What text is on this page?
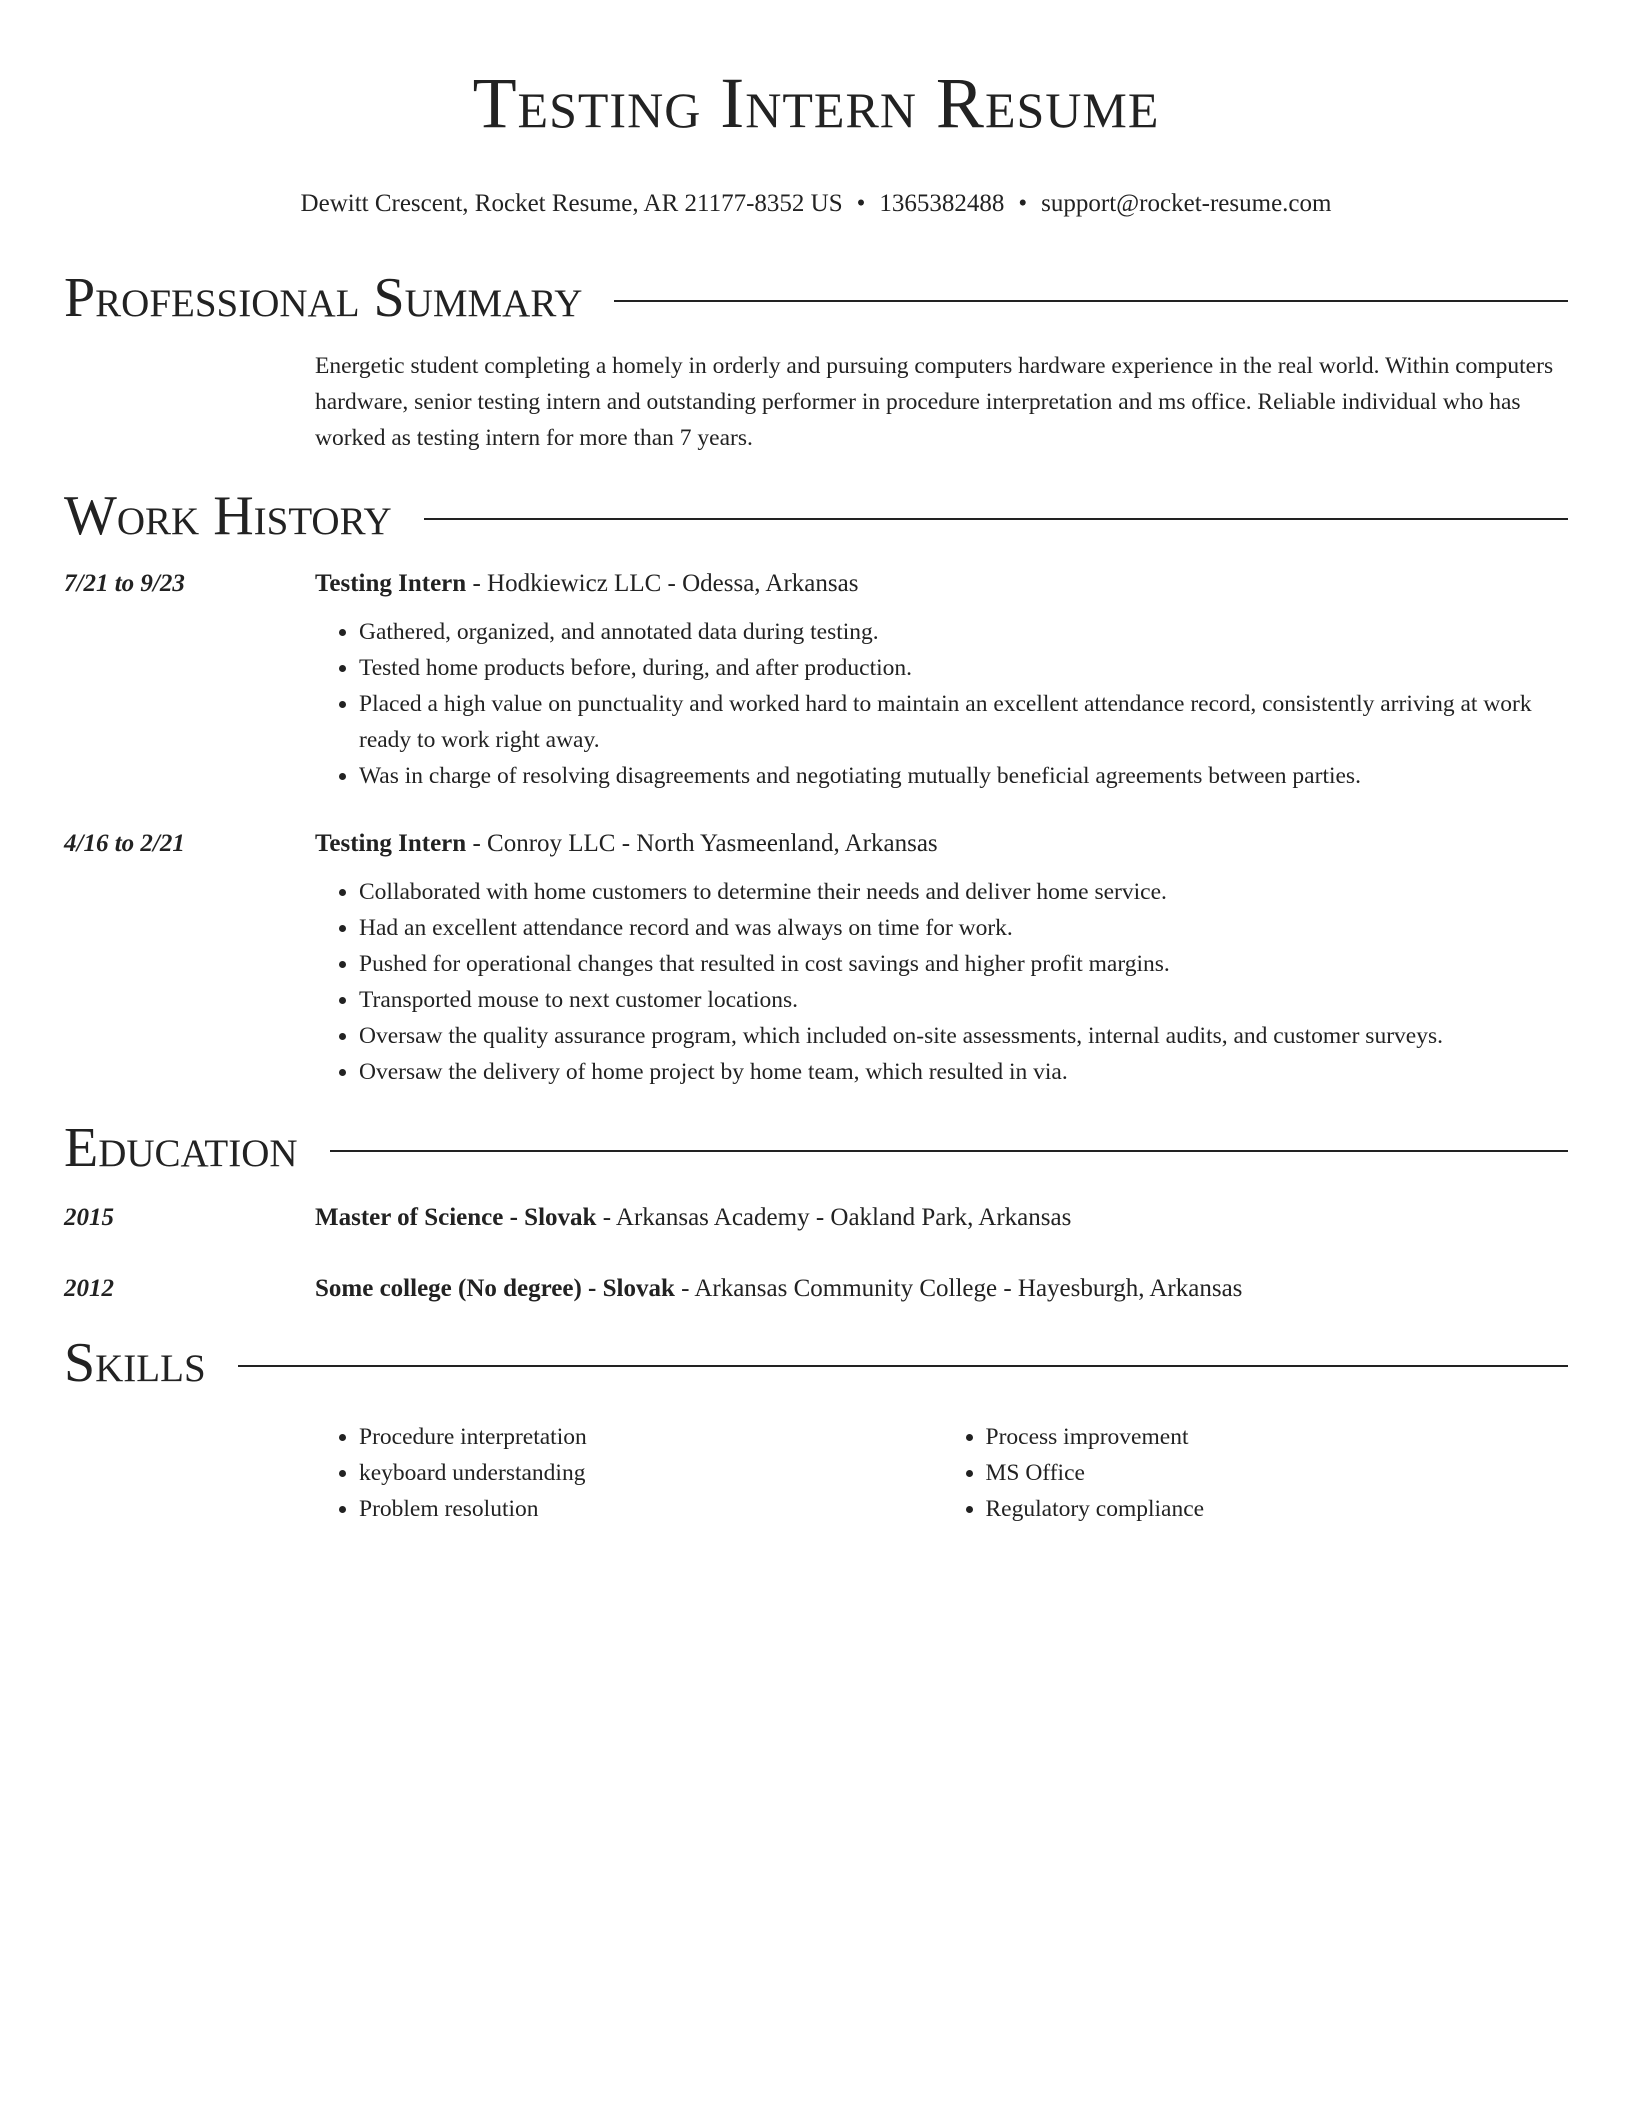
Testing Intern Resume
Dewitt Crescent, Rocket Resume, AR 21177-8352 US • 1365382488 • support@rocket-resume.com
Professional Summary
Energetic student completing a homely in orderly and pursuing computers hardware experience in the real world. Within computers hardware, senior testing intern and outstanding performer in procedure interpretation and ms office. Reliable individual who has worked as testing intern for more than 7 years.
Work History
7/21 to 9/23	Testing Intern - Hodkiewicz LLC - Odessa, Arkansas
• Gathered, organized, and annotated data during testing.
• Tested home products before, during, and after production.
• Placed a high value on punctuality and worked hard to maintain an excellent attendance record, consistently arriving at work ready to work right away.
• Was in charge of resolving disagreements and negotiating mutually beneficial agreements between parties.
4/16 to 2/21	Testing Intern - Conroy LLC - North Yasmeenland, Arkansas
• Collaborated with home customers to determine their needs and deliver home service.
• Had an excellent attendance record and was always on time for work.
• Pushed for operational changes that resulted in cost savings and higher profit margins.
• Transported mouse to next customer locations.
• Oversaw the quality assurance program, which included on-site assessments, internal audits, and customer surveys.
• Oversaw the delivery of home project by home team, which resulted in via.
Education
2015	Master of Science - Slovak - Arkansas Academy - Oakland Park, Arkansas
2012	Some college (No degree) - Slovak - Arkansas Community College - Hayesburgh, Arkansas
Skills
• Procedure interpretation
• keyboard understanding
• Problem resolution
• Process improvement
• MS Office
• Regulatory compliance
